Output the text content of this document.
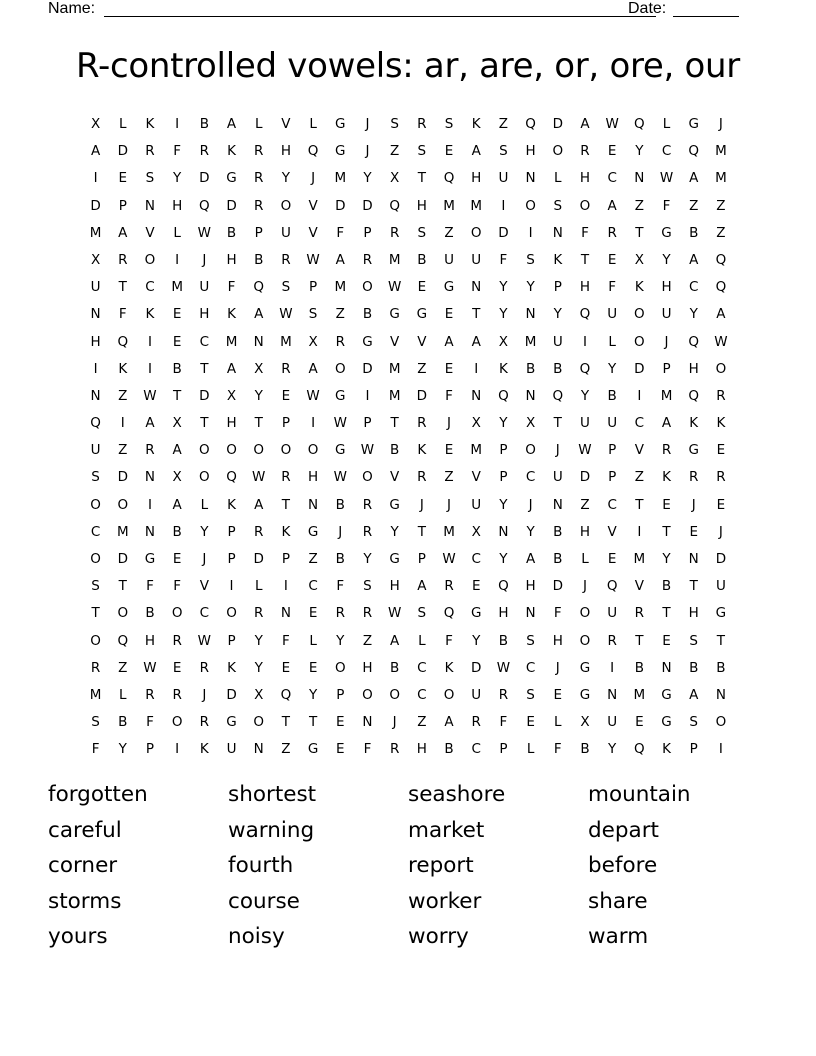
Name:	Date:
R-controlled vowels: ar, are, or, ore, our
X	L	K	I	B	A	L	V	L	G	J	S	R	S	K	Z	Q	D	A	W	Q	L	G	J
A	D	R	F	R	K	R	H	Q	G	J	Z	S	E	A	S	H	O	R	E	Y	C	Q	M
I	E	S	Y	D	G	R	Y	J	M	Y	X	T	Q	H	U	N	L	H	C	N	W	A	M
D	P	N	H	Q	D	R	O	V	D	D	Q	H	M	M	I	O	S	O	A	Z	F	Z	Z
M	A	V	L	W	B	P	U	V	F	P	R	S	Z	O	D	I	N	F	R	T	G	B	Z
X	R	O	I	J	H	B	R	W	A	R	M	B	U	U	F	S	K	T	E	X	Y	A	Q
U	T	C	M	U	F	Q	S	P	M	O	W	E	G	N	Y	Y	P	H	F	K	H	C	Q
N	F	K	E	H	K	A	W	S	Z	B	G	G	E	T	Y	N	Y	Q	U	O	U	Y	A
H	Q	I	E	C	M	N	M	X	R	G	V	V	A	A	X	M	U	I	L	O	J	Q	W
I	K	I	B	T	A	X	R	A	O	D	M	Z	E	I	K	B	B	Q	Y	D	P	H	O
N	Z	W	T	D	X	Y	E	W	G	I	M	D	F	N	Q	N	Q	Y	B	I	M	Q	R
Q	I	A	X	T	H	T	P	I	W	P	T	R	J	X	Y	X	T	U	U	C	A	K	K
U	Z	R	A	O	O	O	O	O	G	W	B	K	E	M	P	O	J	W	P	V	R	G	E
S	D	N	X	O	Q	W	R	H	W	O	V	R	Z	V	P	C	U	D	P	Z	K	R	R
O	O	I	A	L	K	A	T	N	B	R	G	J	J	U	Y	J	N	Z	C	T	E	J	E
C	M	N	B	Y	P	R	K	G	J	R	Y	T	M	X	N	Y	B	H	V	I	T	E	J
O	D	G	E	J	P	D	P	Z	B	Y	G	P	W	C	Y	A	B	L	E	M	Y	N	D
S	T	F	F	V	I	L	I	C	F	S	H	A	R	E	Q	H	D	J	Q	V	B	T	U
T	O	B	O	C	O	R	N	E	R	R	W	S	Q	G	H	N	F	O	U	R	T	H	G
O	Q	H	R	W	P	Y	F	L	Y	Z	A	L	F	Y	B	S	H	O	R	T	E	S	T
R	Z	W	E	R	K	Y	E	E	O	H	B	C	K	D	W	C	J	G	I	B	N	B	B
M	L	R	R	J	D	X	Q	Y	P	O	O	C	O	U	R	S	E	G	N	M	G	A	N
S	B	F	O	R	G	O	T	T	E	N	J	Z	A	R	F	E	L	X	U	E	G	S	O
F	Y	P	I	K	U	N	Z	G	E	F	R	H	B	C	P	L	F	B	Y	Q	K	P	I
forgotten	shortest	seashore	mountain
careful	warning	market	depart
corner	fourth	report	before
storms	course	worker	share
yours	noisy	worry	warm
